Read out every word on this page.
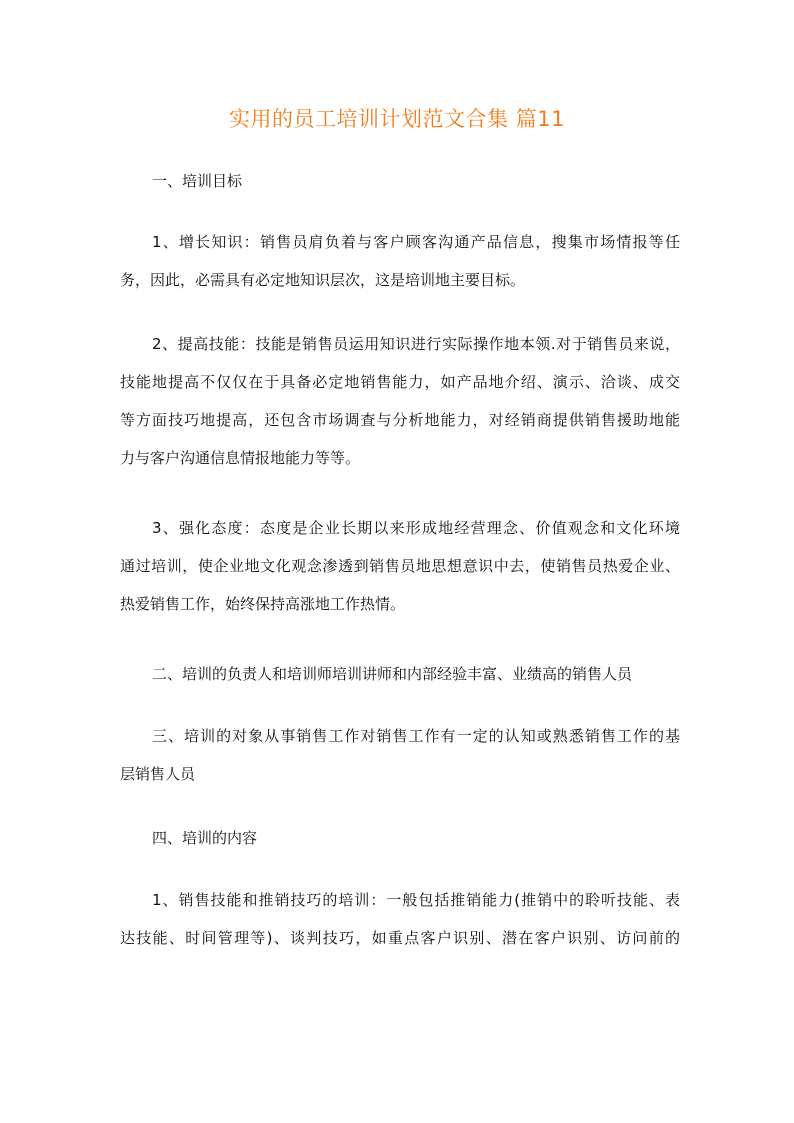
实用的员工培训计划范文合集 篇11
一、培训目标
1、增长知识：销售员肩负着与客户顾客沟通产品信息，搜集市场情报等任
务，因此，必需具有必定地知识层次，这是培训地主要目标。
2、提高技能：技能是销售员运用知识进行实际操作地本领.对于销售员来说，
技能地提高不仅仅在于具备必定地销售能力，如产品地介绍、演示、洽谈、成交
等方面技巧地提高，还包含市场调查与分析地能力，对经销商提供销售援助地能
力与客户沟通信息情报地能力等等。
3、强化态度：态度是企业长期以来形成地经营理念、价值观念和文化环境
通过培训，使企业地文化观念渗透到销售员地思想意识中去，使销售员热爱企业、
热爱销售工作，始终保持高涨地工作热情。
二、培训的负责人和培训师培训讲师和内部经验丰富、业绩高的销售人员
三、培训的对象从事销售工作对销售工作有一定的认知或熟悉销售工作的基
层销售人员
四、培训的内容
1、销售技能和推销技巧的培训：一般包括推销能力(推销中的聆听技能、表
达技能、时间管理等)、谈判技巧，如重点客户识别、潜在客户识别、访问前的
